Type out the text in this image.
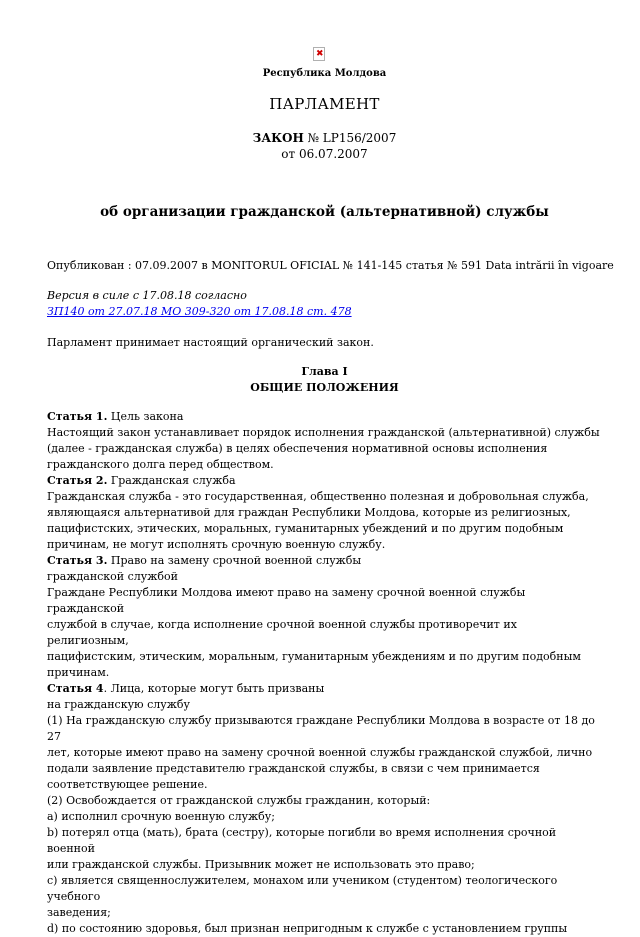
✖
Республика Молдова
ПАРЛАМЕНТ
ЗАКОН № LP156/2007
от 06.07.2007
об организации гражданской (альтернативной) службы
Опубликован : 07.09.2007 в MONITORUL OFICIAL № 141-145 статья № 591 Data intrării în vigoare
Версия в силе с 17.08.18 согласно
ЗП140 от 27.07.18 MO 309-320 от 17.08.18 ст. 478
Парламент принимает настоящий органический закон.
Глава I
ОБЩИЕ ПОЛОЖЕНИЯ

Статья 1. Цель закона

Настоящий закон устанавливает порядок исполнения гражданской (альтернативной) службы

(далее - гражданская служба) в целях обеспечения нормативной основы исполнения

гражданского долга перед обществом.

Статья 2. Гражданская служба

Гражданская служба - это государственная, общественно полезная и добровольная служба,

являющаяся альтернативой для граждан Республики Молдова, которые из религиозных,

пацифистских, этических, моральных, гуманитарных убеждений и по другим подобным

причинам, не могут исполнять срочную военную службу.

Статья 3. Право на замену срочной военной службы

гражданской службой

Граждане Республики Молдова имеют право на замену срочной военной службы гражданской

службой в случае, когда исполнение срочной военной службы противоречит их религиозным,

пацифистским, этическим, моральным, гуманитарным убеждениям и по другим подобным

причинам.

Статья 4. Лица, которые могут быть призваны

на гражданскую службу

(1) На гражданскую службу призываются граждане Республики Молдова в возрасте от 18 до 27

лет, которые имеют право на замену срочной военной службы гражданской службой, лично

подали заявление представителю гражданской службы, в связи с чем принимается

соответствующее решение.

(2) Освобождается от гражданской службы гражданин, который:

a) исполнил срочную военную службу;

b) потерял отца (мать), брата (сестру), которые погибли во время исполнения срочной военной

или гражданской службы. Призывник может не использовать это право;

c) является священнослужителем, монахом или учеником (студентом) теологического учебного

заведения;

d) по состоянию здоровья, был признан непригодным к службе с установлением группы
